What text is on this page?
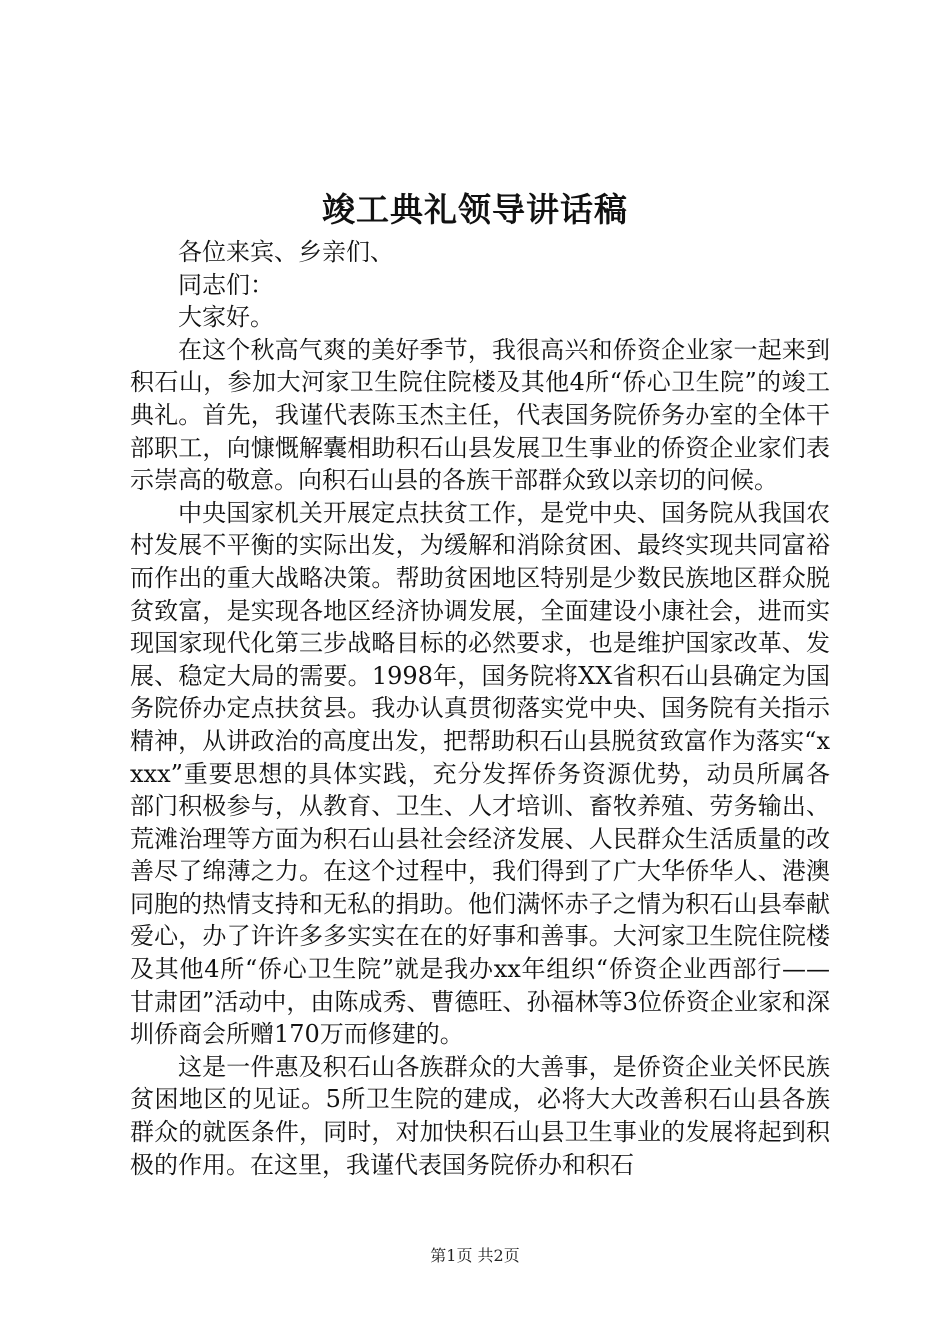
竣工典礼领导讲话稿

各位来宾、乡亲们、

同志们：

大家好。

在这个秋高气爽的美好季节，我很高兴和侨资企业家一起来到积石山，参加大河家卫生院住院楼及其他4所“侨心卫生院”的竣工典礼。首先，我谨代表陈玉杰主任，代表国务院侨务办室的全体干部职工，向慷慨解囊相助积石山县发展卫生事业的侨资企业家们表示崇高的敬意。向积石山县的各族干部群众致以亲切的问候。

中央国家机关开展定点扶贫工作，是党中央、国务院从我国农村发展不平衡的实际出发，为缓解和消除贫困、最终实现共同富裕而作出的重大战略决策。帮助贫困地区特别是少数民族地区群众脱贫致富，是实现各地区经济协调发展，全面建设小康社会，进而实现国家现代化第三步战略目标的必然要求，也是维护国家改革、发展、稳定大局的需要。1998年，国务院将XX省积石山县确定为国务院侨办定点扶贫县。我办认真贯彻落实党中央、国务院有关指示精神，从讲政治的高度出发，把帮助积石山县脱贫致富作为落实“xxxx”重要思想的具体实践，充分发挥侨务资源优势，动员所属各部门积极参与，从教育、卫生、人才培训、畜牧养殖、劳务输出、荒滩治理等方面为积石山县社会经济发展、人民群众生活质量的改善尽了绵薄之力。在这个过程中，我们得到了广大华侨华人、港澳同胞的热情支持和无私的捐助。他们满怀赤子之情为积石山县奉献爱心，办了许许多多实实在在的好事和善事。大河家卫生院住院楼及其他4所“侨心卫生院”就是我办xx年组织“侨资企业西部行——甘肃团”活动中，由陈成秀、曹德旺、孙福林等3位侨资企业家和深圳侨商会所赠170万而修建的。

这是一件惠及积石山各族群众的大善事，是侨资企业关怀民族贫困地区的见证。5所卫生院的建成，必将大大改善积石山县各族群众的就医条件，同时，对加快积石山县卫生事业的发展将起到积极的作用。在这里，我谨代表国务院侨办和积石

第1页 共2页
